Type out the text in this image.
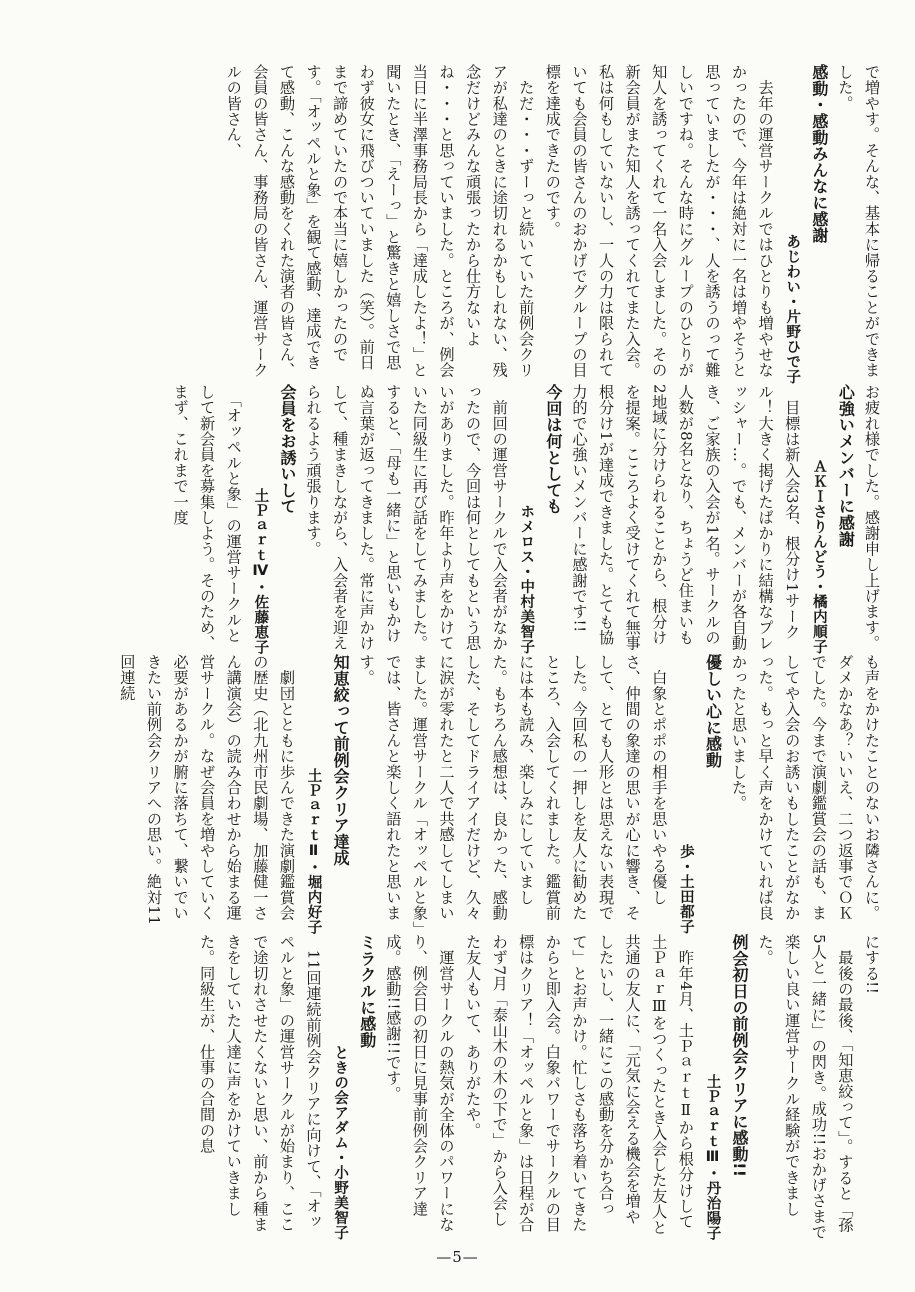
で増やす。そんな、基本に帰ることができました。

感動・感動みんなに感謝

あじわい・片野ひで子

　去年の運営サークルではひとりも増やせなかったので、今年は絶対に一名は増やそうと思っていましたが・・・、人を誘うのって難しいですね。そんな時にグループのひとりが知人を誘ってくれて一名入会しました。その新会員がまた知人を誘ってくれてまた入会。私は何もしていないし、一人の力は限られていても会員の皆さんのおかげでグループの目標を達成できたのです。

　ただ・・・ずーっと続いていた前例会クリアが私達のときに途切れるかもしれない、残念だけどみんな頑張ったから仕方ないよね・・・と思っていました。ところが、例会当日に半澤事務局長から「達成したよ！」と聞いたとき、「えーっ」と驚きと嬉しさで思わず彼女に飛びついていました（笑）。前日まで諦めていたので本当に嬉しかったのです。「オッペルと象」を観て感動、達成できて感動、こんな感動をくれた演者の皆さん、会員の皆さん、事務局の皆さん、運営サークルの皆さん、

お疲れ様でした。感謝申し上げます。

心強いメンバーに感謝

ＡＫＩさりんどう・橘内順子

　目標は新入会3名、根分け1サークル！大きく掲げたばかりに結構なプレッシャー…。でも、メンバーが各自動き、ご家族の入会が1名。サークルの人数が8名となり、ちょうど住まいも2地域に分けられることから、根分けを提案。こころよく受けてくれて無事根分け1が達成できました。とても協力的で心強いメンバーに感謝です!!

今回は何としても

ホメロス・中村美智子

　前回の運営サークルで入会者がなかったので、今回は何としてもという思いがありました。昨年より声をかけていた同級生に再び話をしてみました。すると、「母も一緒に」と思いもかけぬ言葉が返ってきました。常に声かけして、種まきしながら、入会者を迎えられるよう頑張ります。

会員をお誘いして

土ＰａｒｔⅣ・佐藤恵子

　「オッペルと象」の運営サークルとして新会員を募集しよう。そのため、まず、これまで一度

も声をかけたことのないお隣さんに。ダメかなあ？いいえ、二つ返事でＯＫでした。今まで演劇鑑賞会の話も、ましてや入会のお誘いもしたことがなかった。もっと早く声をかけていれば良かったと思いました。

優しい心に感動

歩・土田都子

　白象とポポの相手を思いやる優しさ、仲間の象達の思いが心に響き、そして、とても人形とは思えない表現でした。今回私の一押しを友人に勧めたところ、入会してくれました。鑑賞前には本も読み、楽しみにしていました。もちろん感想は、良かった、感動した、そしてドライアイだけど、久々に涙が零れたと二人で共感してしまいました。運営サークル「オッペルと象」では、皆さんと楽しく語れたと思います。

知恵絞って前例会クリア達成

土ＰａｒｔⅡ・堀内好子

　劇団とともに歩んできた演劇鑑賞会の歴史（北九州市民劇場、加藤健一さん講演会）の読み合わせから始まる運営サークル。なぜ会員を増やしていく必要があるかが腑に落ちて、繋いでいきたい前例会クリアへの思い。絶対11回連続

にする!!

　最後の最後、「知恵絞って」。すると「孫5人と一緒に」の閃き。成功!!おかげさまで楽しい良い運営サークル経験ができました。

例会初日の前例会クリアに感動!!

土ＰａｒｔⅢ・丹治陽子

　昨年4月、土ＰａｒｔⅡから根分けして土ＰａｒⅢをつくったとき入会した友人と共通の友人に、「元気に会える機会を増やしたいし、一緒にこの感動を分かち合って」とお声かけ。忙しさも落ち着いてきたからと即入会。白象パワーでサークルの目標はクリア！「オッペルと象」は日程が合わず7月「泰山木の木の下で」から入会した友人もいて、ありがたや。

　運営サークルの熱気が全体のパワーになり、例会日の初日に見事前例会クリア達成。感動!!感謝!!です。

ミラクルに感動

ときの会アダム・小野美智子

　11回連続前例会クリアに向けて、「オッペルと象」の運営サークルが始まり、ここで途切れさせたくないと思い、前から種まきをしていた人達に声をかけていきました。同級生が、仕事の合間の息

—5—
